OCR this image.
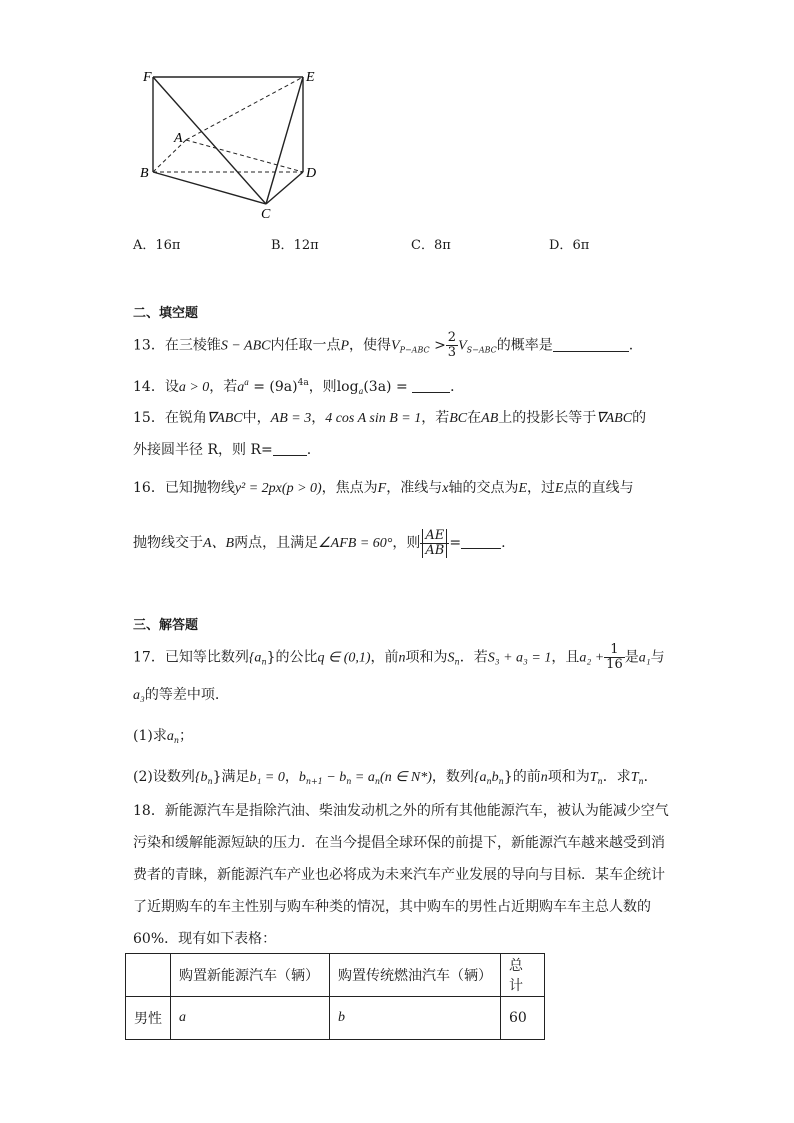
F	E
A
B	D
C
A．16π	B．12π	C．8π	D．6π
二、填空题
13．在三棱锥S − ABC内任取一点P，使得$V_{P-ABC} > \frac{2}{3} V_{S-ABC}$的概率是	.
14．设a > 0，若$a^a = (9a)^{4a}$，则$\log_a(3a)$ =	．
15．在锐角∇ABC中，AB = 3，4 cos A sin B = 1，若BC在AB上的投影长等于∇ABC的
外接圆半径 R，则 R= .
16．已知抛物线y² = 2px(p > 0)，焦点为F，准线与x轴的交点为E，过E点的直线与
抛物线交于A、B两点，且满足∠AFB = 60°，则 $\frac{AE}{AB}$ =	.
三、解答题
17．已知等比数列$\{a_n\}$的公比q ∈ (0,1)，前n项和为$S_n$．若S₃ + a₃ = 1，且$a_2 + \frac{1}{16}$ 是a₁与
a₃的等差中项.
(1)求$a_n$；
(2)设数列$\{b_n\}$满足b₁ = 0，$b_{n+1} - b_n = a_n(n$ ∈ N*)，数列$\{a_nb_n\}$的前n项和为$T_n$．求$T_n$．
18．新能源汽车是指除汽油、柴油发动机之外的所有其他能源汽车，被认为能减少空气
污染和缓解能源短缺的压力．在当今提倡全球环保的前提下，新能源汽车越来越受到消
费者的青睐，新能源汽车产业也必将成为未来汽车产业发展的导向与目标．某车企统计
了近期购车的车主性别与购车种类的情况，其中购车的男性占近期购车车主总人数的
60%．现有如下表格：
	购置新能源汽车（辆）	购置传统燃油汽车（辆）	总计
男性	a	b	60
